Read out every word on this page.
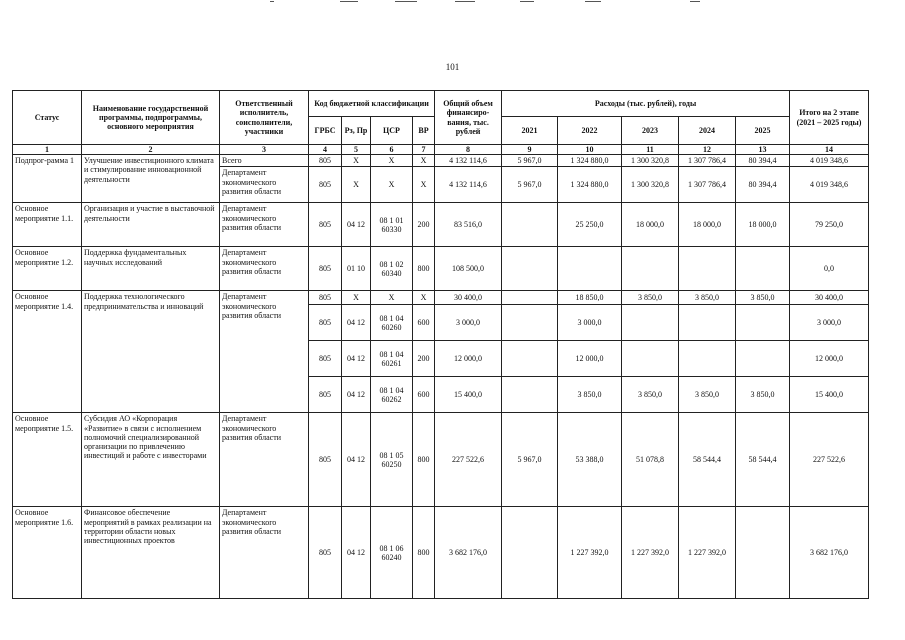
101
Статус	Наименование государственной программы, подпрограммы, основного мероприятия	Ответственный исполнитель, соисполнители, участники	Код бюджетной классификации				Общий объем финансиро-вания, тыс. рублей	Расходы (тыс. рублей), годы					Итого на 2 этапе (2021 – 2025 годы)
			ГРБС	Рз, Пр	ЦСР	ВР		2021	2022	2023	2024	2025	
1	2	3	4	5	6	7	8	9	10	11	12	13	14
Подпрог-рамма 1	Улучшение инвестиционного климата и стимулирование инновационной деятельности	Всего	805	X	X	X	4 132 114,6	5 967,0	1 324 880,0	1 300 320,8	1 307 786,4	80 394,4	4 019 348,6
		Департамент экономического развития области	805	X	X	X	4 132 114,6	5 967,0	1 324 880,0	1 300 320,8	1 307 786,4	80 394,4	4 019 348,6
Основное мероприятие 1.1.	Организация и участие в выставочной деятельности	Департамент экономического развития области	805	04 12	08 1 01 60330	200	83 516,0		25 250,0	18 000,0	18 000,0	18 000,0	79 250,0
Основное мероприятие 1.2.	Поддержка фундаментальных научных исследований	Департамент экономического развития области	805	01 10	08 1 02 60340	800	108 500,0						0,0
Основное мероприятие 1.4.	Поддержка технологического предпринимательства и инноваций	Департамент экономического развития области	805	X	X	X	30 400,0		18 850,0	3 850,0	3 850,0	3 850,0	30 400,0
			805	04 12	08 1 04 60260	600	3 000,0		3 000,0				3 000,0
			805	04 12	08 1 04 60261	200	12 000,0		12 000,0				12 000,0
			805	04 12	08 1 04 60262	600	15 400,0		3 850,0	3 850,0	3 850,0	3 850,0	15 400,0
Основное мероприятие 1.5.	Субсидия АО «Корпорация «Развитие» в связи с исполнением полномочий специализированной организации по привлечению инвестиций и работе с инвесторами	Департамент экономического развития области	805	04 12	08 1 05 60250	800	227 522,6	5 967,0	53 388,0	51 078,8	58 544,4	58 544,4	227 522,6
Основное мероприятие 1.6.	Финансовое обеспечение мероприятий в рамках реализации на территории области новых инвестиционных проектов	Департамент экономического развития области	805	04 12	08 1 06 60240	800	3 682 176,0		1 227 392,0	1 227 392,0	1 227 392,0		3 682 176,0
